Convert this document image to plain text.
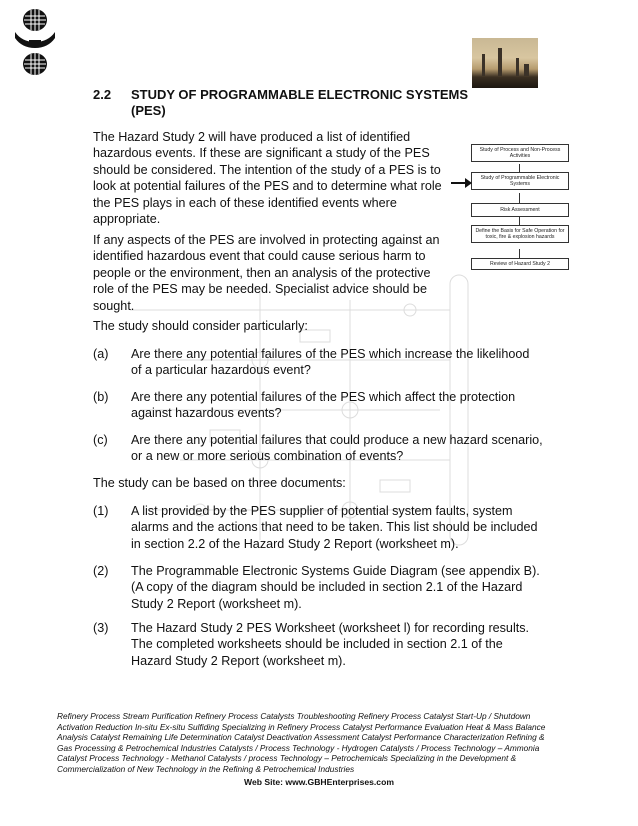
2.2 STUDY OF PROGRAMMABLE ELECTRONIC SYSTEMS (PES)
The Hazard Study 2 will have produced a list of identified hazardous events. If these are significant a study of the PES should be considered. The intention of the study of a PES is to look at potential failures of the PES and to determine what role the PES plays in each of these identified events where appropriate.
If any aspects of the PES are involved in protecting against an identified hazardous event that could cause serious harm to people or the environment, then an analysis of the protective role of the PES may be needed. Specialist advice should be sought.
The study should consider particularly:
(a) Are there any potential failures of the PES which increase the likelihood of a particular hazardous event?
(b) Are there any potential failures of the PES which affect the protection against hazardous events?
(c) Are there any potential failures that could produce a new hazard scenario, or a new or more serious combination of events?
The study can be based on three documents:
(1) A list provided by the PES supplier of potential system faults, system alarms and the actions that need to be taken. This list should be included in section 2.2 of the Hazard Study 2 Report (worksheet m).
(2) The Programmable Electronic Systems Guide Diagram (see appendix B). (A copy of the diagram should be included in section 2.1 of the Hazard Study 2 Report (worksheet m).
(3) The Hazard Study 2 PES Worksheet (worksheet l) for recording results. The completed worksheets should be included in section 2.1 of the Hazard Study 2 Report (worksheet m).
Study of Process and Non-Process Activities
Study of Programmable Electronic Systems
Risk Assessment
Define the Basis for Safe Operation for toxic, fire & explosion hazards
Review of Hazard Study 2
Refinery Process Stream Purification Refinery Process Catalysts Troubleshooting Refinery Process Catalyst Start-Up / Shutdown Activation Reduction In-situ Ex-situ Sulfiding Specializing in Refinery Process Catalyst Performance Evaluation Heat & Mass Balance Analysis Catalyst Remaining Life Determination Catalyst Deactivation Assessment Catalyst Performance Characterization Refining & Gas Processing & Petrochemical Industries Catalysts / Process Technology - Hydrogen Catalysts / Process Technology – Ammonia Catalyst Process Technology - Methanol Catalysts / process Technology – Petrochemicals Specializing in the Development & Commercialization of New Technology in the Refining & Petrochemical Industries
Web Site: www.GBHEnterprises.com
